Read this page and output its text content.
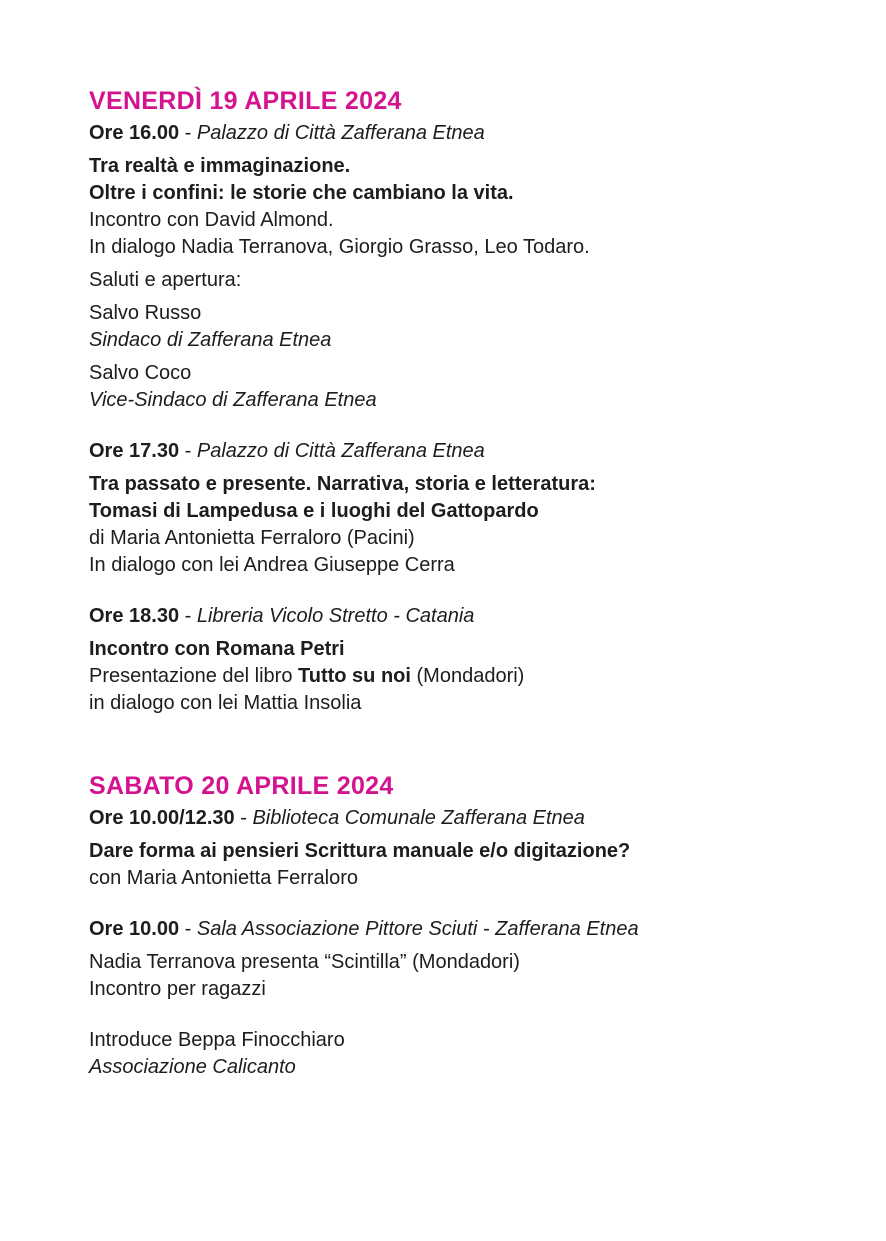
VENERDÌ 19 APRILE 2024

Ore 16.00 - Palazzo di Città Zafferana Etnea

Tra realtà e immaginazione.

Oltre i confini: le storie che cambiano la vita.

Incontro con David Almond.

In dialogo Nadia Terranova, Giorgio Grasso, Leo Todaro.

Saluti e apertura:

Salvo Russo

Sindaco di Zafferana Etnea

Salvo Coco

Vice-Sindaco di Zafferana Etnea

Ore 17.30 - Palazzo di Città Zafferana Etnea

Tra passato e presente. Narrativa, storia e letteratura:

Tomasi di Lampedusa e i luoghi del Gattopardo

di Maria Antonietta Ferraloro (Pacini)

In dialogo con lei Andrea Giuseppe Cerra

Ore 18.30 - Libreria Vicolo Stretto - Catania

Incontro con Romana Petri

Presentazione del libro Tutto su noi (Mondadori)

in dialogo con lei Mattia Insolia

SABATO 20 APRILE 2024

Ore 10.00/12.30 - Biblioteca Comunale Zafferana Etnea

Dare forma ai pensieri Scrittura manuale e/o digitazione?

con Maria Antonietta Ferraloro

Ore 10.00 - Sala Associazione Pittore Sciuti - Zafferana Etnea

Nadia Terranova presenta “Scintilla” (Mondadori)

Incontro per ragazzi

Introduce Beppa Finocchiaro

Associazione Calicanto
